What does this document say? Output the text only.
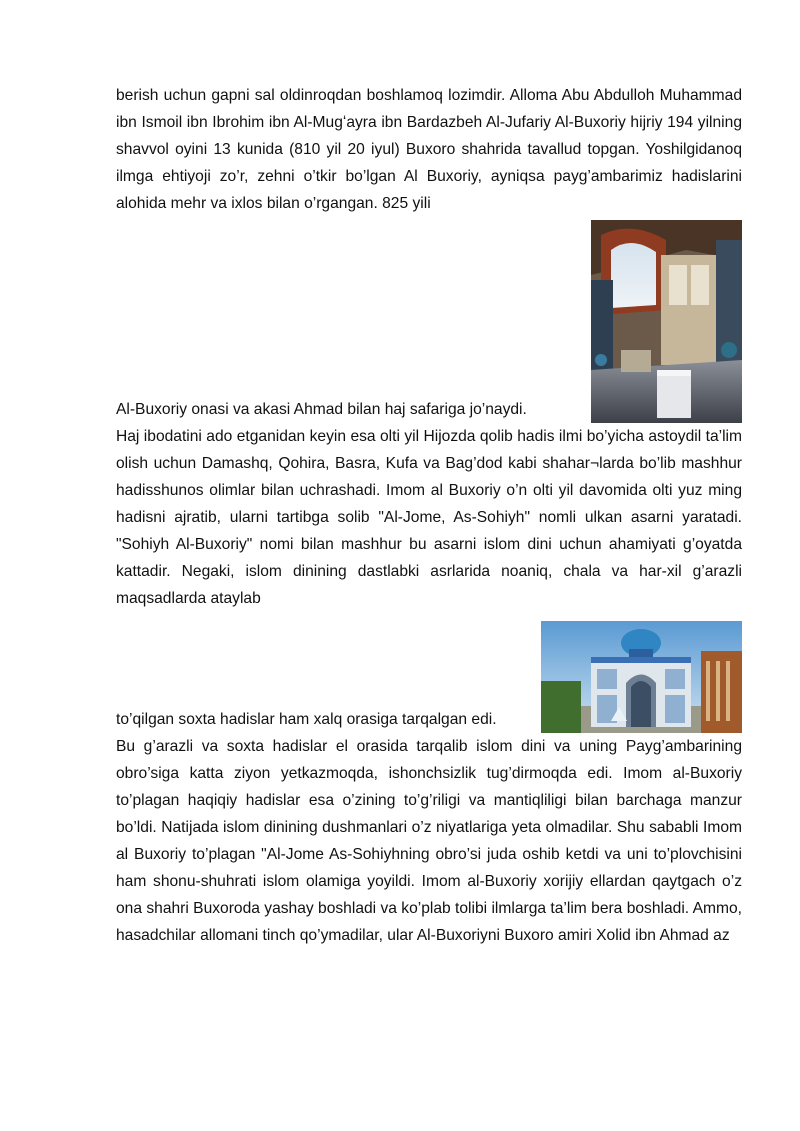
berish uchun gapni sal oldinroqdan boshlamoq lozimdir. Alloma Abu Abdulloh Muhammad ibn Ismoil ibn Ibrohim ibn Al-Mugʻayra ibn Bardazbeh Al-Jufariy Al-Buxoriy hijriy 194 yilning shavvol oyini 13 kunida (810 yil 20 iyul) Buxoro shahrida tavallud topgan. Yoshilgidanoq ilmga ehtiyoji zo’r, zehni o’tkir bo’lgan Al Buxoriy, ayniqsa payg’ambarimiz hadislarini alohida mehr va ixlos bilan o’rgangan. 825 yili

Al-Buxoriy onasi va akasi Ahmad bilan haj safariga jo’naydi.

Haj ibodatini ado etganidan keyin esa olti yil Hijozda qolib hadis ilmi bo’yicha astoydil ta’lim olish uchun Damashq, Qohira, Basra, Kufa va Bag’dod kabi shahar¬larda bo’lib mashhur hadisshunos olimlar bilan uchrashadi. Imom al Buxoriy o’n olti yil davomida olti yuz ming hadisni ajratib, ularni tartibga solib "Al-Jome, As-Sohiyh" nomli ulkan asarni yaratadi. "Sohiyh Al-Buxoriy" nomi bilan mashhur bu asarni islom dini uchun ahamiyati g’oyatda kattadir. Negaki, islom dinining dastlabki asrlarida noaniq, chala va har-xil g’arazli maqsadlarda ataylab

to’qilgan soxta hadislar ham xalq orasiga tarqalgan edi.

Bu g’arazli va soxta hadislar el orasida tarqalib islom dini va uning Payg’ambarining obro’siga katta ziyon yetkazmoqda, ishonchsizlik tug’dirmoqda edi. Imom al-Buxoriy to’plagan haqiqiy hadislar esa o’zining to’g’riligi va mantiqliligi bilan barchaga manzur bo’ldi. Natijada islom dinining dushmanlari o’z niyatlariga yeta olmadilar. Shu sababli Imom al Buxoriy to’plagan "Al-Jome As-Sohiyhning obro’si juda oshib ketdi va uni to’plovchisini ham shonu-shuhrati islom olamiga yoyildi. Imom al-Buxoriy xorijiy ellardan qaytgach o’z ona shahri Buxoroda yashay boshladi va ko’plab tolibi ilmlarga ta’lim bera boshladi. Ammo, hasadchilar allomani tinch qo’ymadilar, ular Al-Buxoriyni Buxoro amiri Xolid ibn Ahmad az
